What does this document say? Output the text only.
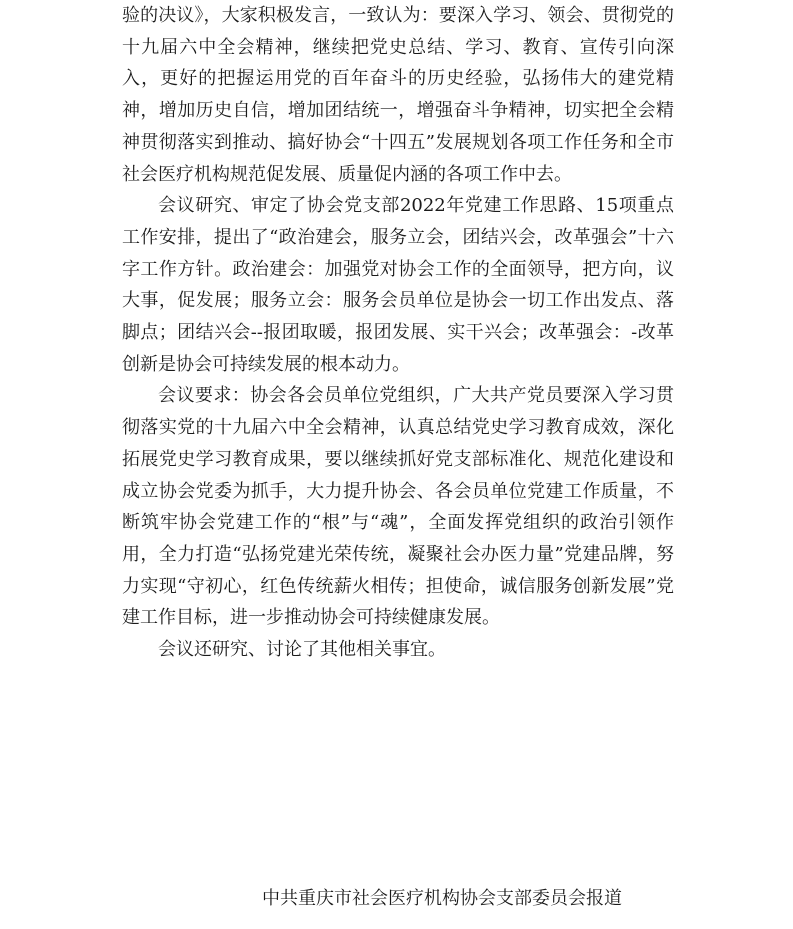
验的决议》，大家积极发言，一致认为：要深入学习、领会、贯彻党的十九届六中全会精神，继续把党史总结、学习、教育、宣传引向深入，更好的把握运用党的百年奋斗的历史经验，弘扬伟大的建党精神，增加历史自信，增加团结统一，增强奋斗争精神，切实把全会精神贯彻落实到推动、搞好协会“十四五”发展规划各项工作任务和全市社会医疗机构规范促发展、质量促内涵的各项工作中去。

会议研究、审定了协会党支部2022年党建工作思路、15项重点工作安排，提出了“政治建会，服务立会，团结兴会，改革强会”十六字工作方针。政治建会：加强党对协会工作的全面领导，把方向，议大事，促发展；服务立会：服务会员单位是协会一切工作出发点、落脚点；团结兴会--报团取暖，报团发展、实干兴会；改革强会：-改革创新是协会可持续发展的根本动力。

会议要求：协会各会员单位党组织，广大共产党员要深入学习贯彻落实党的十九届六中全会精神，认真总结党史学习教育成效，深化拓展党史学习教育成果，要以继续抓好党支部标准化、规范化建设和成立协会党委为抓手，大力提升协会、各会员单位党建工作质量，不断筑牢协会党建工作的“根”与“魂”，全面发挥党组织的政治引领作用，全力打造“弘扬党建光荣传统，凝聚社会办医力量”党建品牌，努力实现“守初心，红色传统薪火相传；担使命，诚信服务创新发展”党建工作目标，进一步推动协会可持续健康发展。

会议还研究、讨论了其他相关事宜。

中共重庆市社会医疗机构协会支部委员会报道
